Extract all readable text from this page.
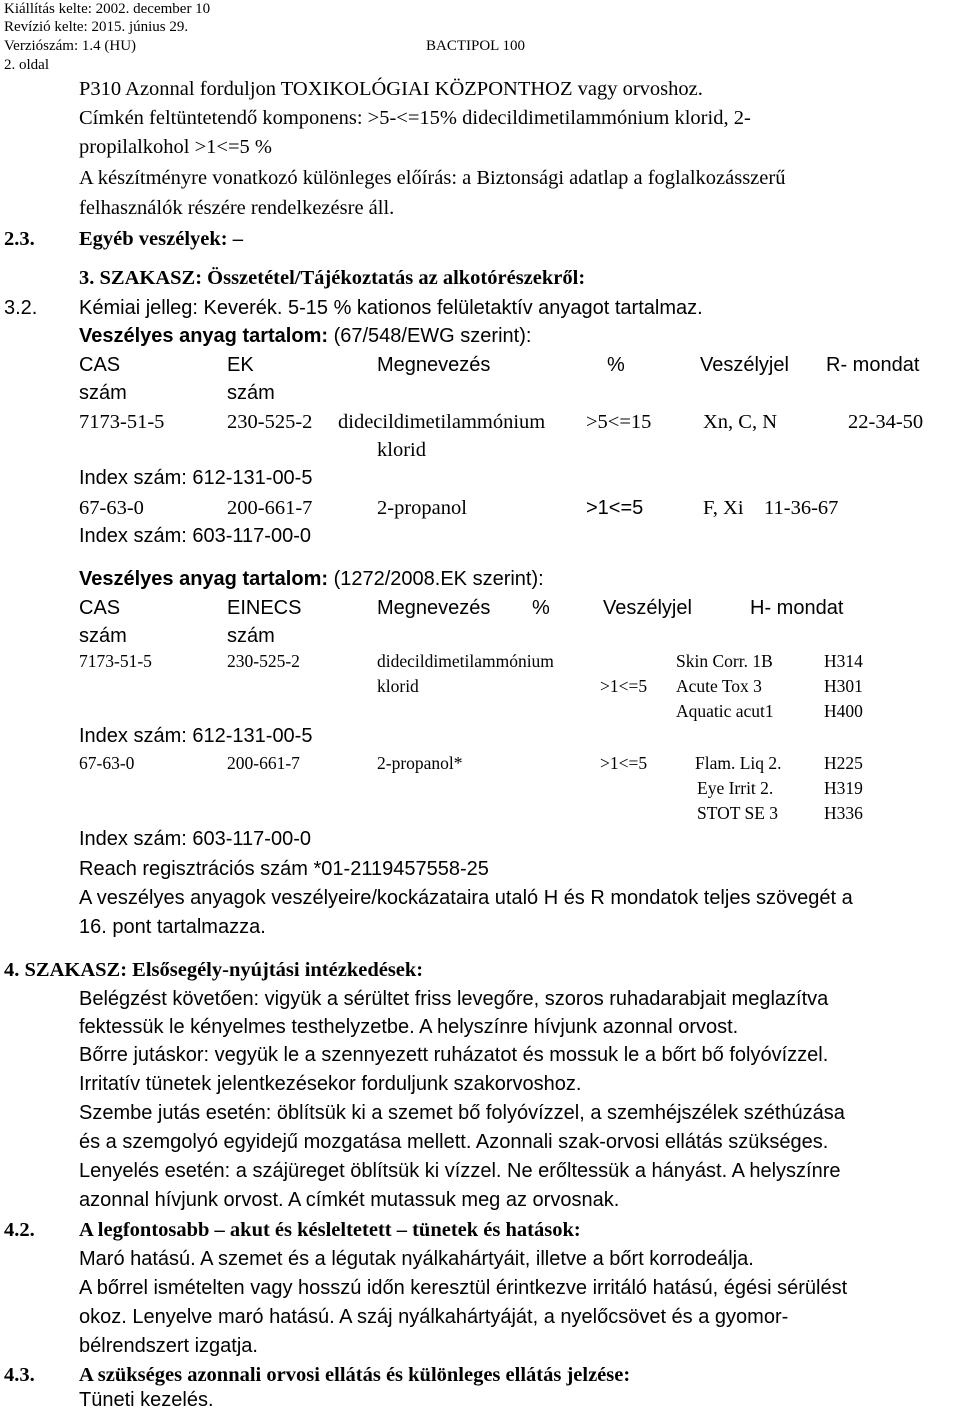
Kiállítás kelte: 2002. december 10
Revízió kelte: 2015. június 29.
Verziószám: 1.4 (HU)	BACTIPOL 100
2. oldal
P310 Azonnal forduljon TOXIKOLÓGIAI KÖZPONTHOZ vagy orvoshoz.
Címkén feltüntetendő komponens: >5-<=15% didecildimetilammónium klorid, 2-
propilalkohol >1<=5 %
A készítményre vonatkozó különleges előírás: a Biztonsági adatlap a foglalkozásszerű
felhasználók részére rendelkezésre áll.
2.3. Egyéb veszélyek: –
3. SZAKASZ: Összetétel/Tájékoztatás az alkotórészekről:
3.2. Kémiai jelleg: Keverék. 5-15 % kationos felületaktív anyagot tartalmaz.
Veszélyes anyag tartalom: (67/548/EWG szerint):
CAS	EK	Megnevezés	%	Veszélyjel R- mondat
szám	szám
7173-51-5	230-525-2 didecildimetilammónium >5<=15	Xn, C, N	22-34-50
klorid
Index szám: 612-131-00-5
67-63-0	200-661-7	2-propanol	>1<=5	F, Xi 11-36-67
Index szám: 603-117-00-0
Veszélyes anyag tartalom: (1272/2008.EK szerint):
CAS	EINECS	Megnevezés %	Veszélyjel	H- mondat
szám	szám
7173-51-5	230-525-2	didecildimetilammónium
klorid	>1<=5
Skin Corr. 1B	H314
Acute Tox 3	H301
Aquatic acut1	H400
Index szám: 612-131-00-5
67-63-0	200-661-7	2-propanol*	>1<=5	Flam. Liq 2. H225
Eye Irrit 2.	H319
STOT SE 3	H336
Index szám: 603-117-00-0
Reach regisztrációs szám *01-2119457558-25
A veszélyes anyagok veszélyeire/kockázataira utaló H és R mondatok teljes szövegét a
16. pont tartalmazza.
4. SZAKASZ: Elsősegély-nyújtási intézkedések:
Belégzést követően: vigyük a sérültet friss levegőre, szoros ruhadarabjait meglazítva
fektessük le kényelmes testhelyzetbe. A helyszínre hívjunk azonnal orvost.
Bőrre jutáskor: vegyük le a szennyezett ruházatot és mossuk le a bőrt bő folyóvízzel.
Irritatív tünetek jelentkezésekor forduljunk szakorvoshoz.
Szembe jutás esetén: öblítsük ki a szemet bő folyóvízzel, a szemhéjszélek széthúzása
és a szemgolyó egyidejű mozgatása mellett. Azonnali szak-orvosi ellátás szükséges.
Lenyelés esetén: a szájüreget öblítsük ki vízzel. Ne erőltessük a hányást. A helyszínre
azonnal hívjunk orvost. A címkét mutassuk meg az orvosnak.
4.2. A legfontosabb – akut és késleltetett – tünetek és hatások:
Maró hatású. A szemet és a légutak nyálkahártyáit, illetve a bőrt korrodeálja.
A bőrrel ismételten vagy hosszú időn keresztül érintkezve irritáló hatású, égési sérülést
okoz. Lenyelve maró hatású. A száj nyálkahártyáját, a nyelőcsövet és a gyomor-
bélrendszert izgatja.
4.3. A szükséges azonnali orvosi ellátás és különleges ellátás jelzése:
Tüneti kezelés.
